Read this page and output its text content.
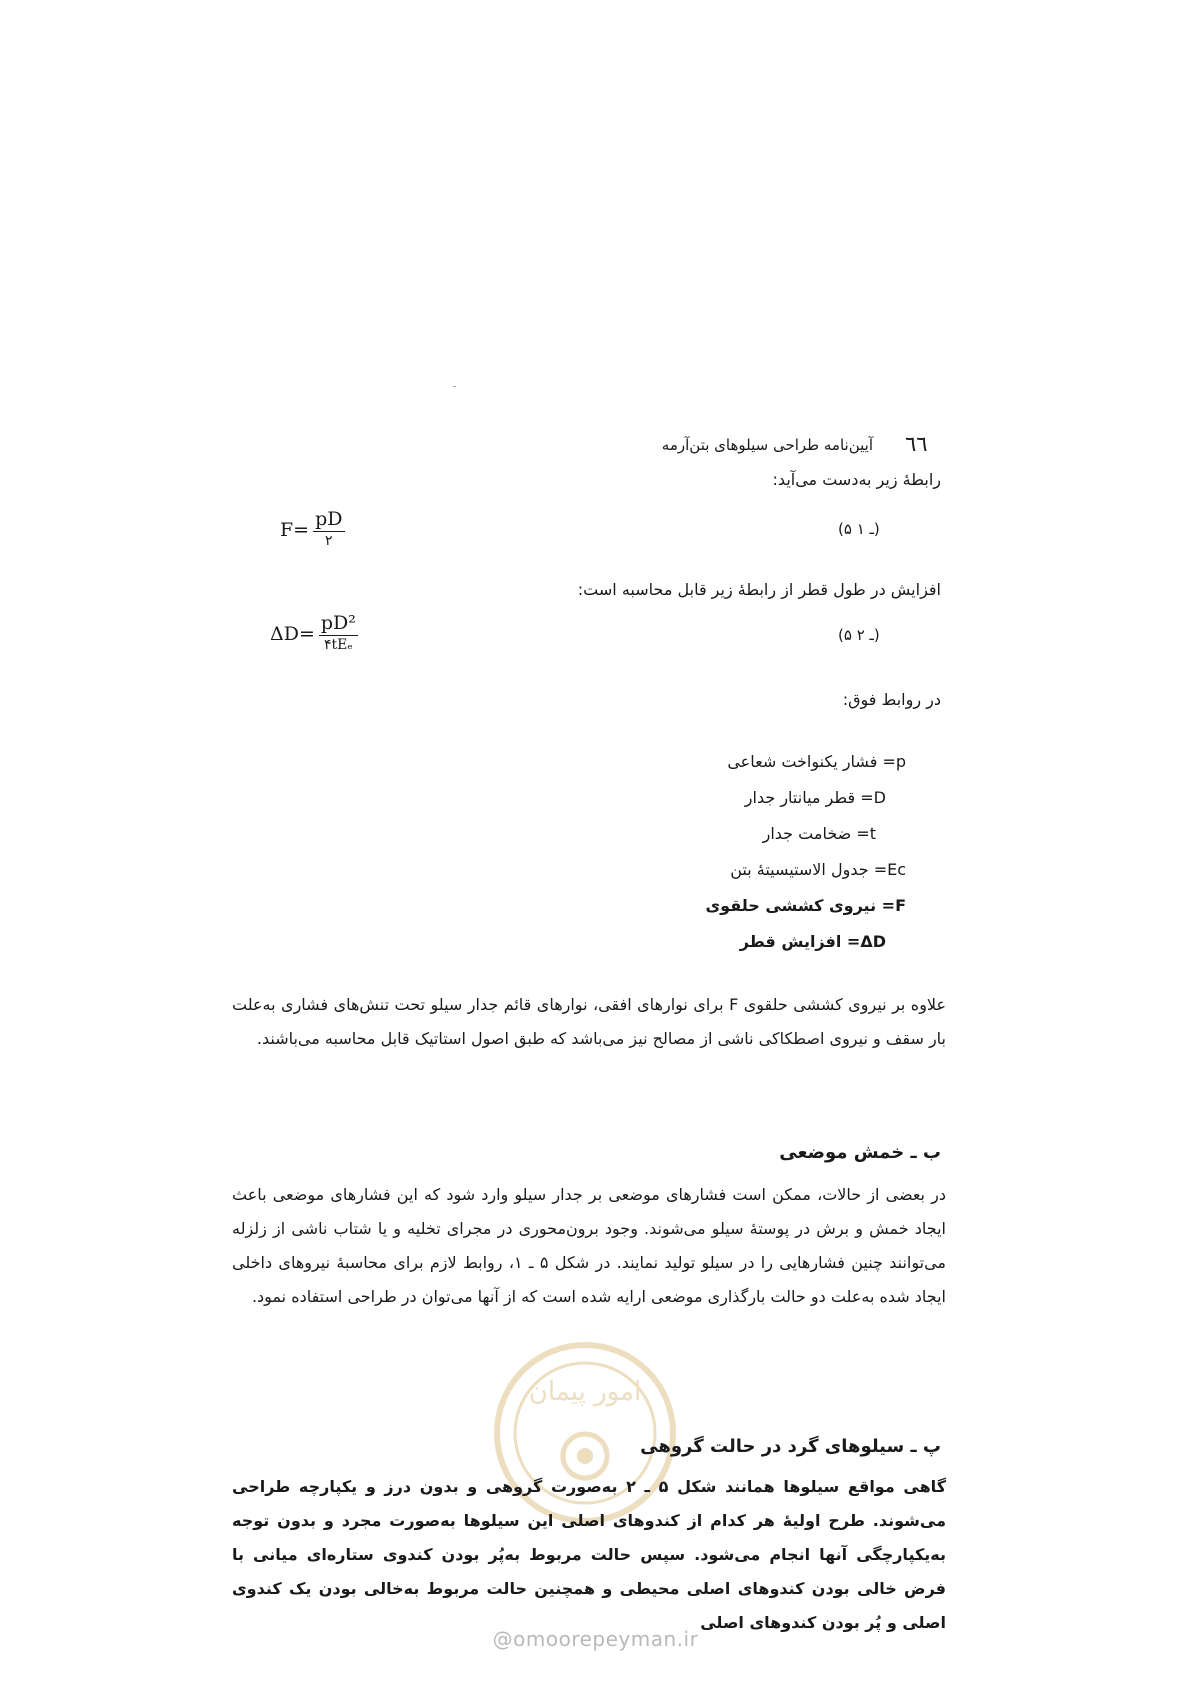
٦٦
آیین‌نامه طراحی سیلوهای بتن‌آرمه
رابطهٔ زیر به‌دست می‌آید:
(۵ ـ ۱)
$F= \frac{pD}{۲}$
افزایش در طول قطر از رابطهٔ زیر قابل محاسبه است:
(۵ ـ ۲)
$\Delta D= \frac{\text{pD²}}{\text{۴tEₑ}}$
در روابط فوق:
p= فشار یکنواخت شعاعی
D= قطر میانتار جدار
t= ضخامت جدار
Eᴄ= جدول الاستیسیتهٔ بتن
F= نیروی کششی حلقوی
ΔD= افزایش قطر
علاوه بر نیروی کششی حلقوی F برای نوارهای افقی، نوارهای قائم جدار سیلو تحت تنش‌های فشاری به‌علت بار سقف و نیروی اصطکاکی ناشی از مصالح نیز می‌باشد که طبق اصول استاتیک قابل محاسبه می‌باشند.
ب ـ خمش موضعی
در بعضی از حالات، ممکن است فشارهای موضعی بر جدار سیلو وارد شود که این فشارهای موضعی باعث ایجاد خمش و برش در پوستهٔ سیلو می‌شوند. وجود برون‌محوری در مجرای تخلیه و یا شتاب ناشی از زلزله می‌توانند چنین فشارهایی را در سیلو تولید نمایند. در شکل ۵ ـ ۱، روابط لازم برای محاسبهٔ نیروهای داخلی ایجاد شده به‌علت دو حالت بارگذاری موضعی ارایه شده است که از آنها می‌توان در طراحی استفاده نمود.
امور پیمان
پ ـ سیلوهای گرد در حالت گروهی
گاهی مواقع سیلوها همانند شکل ۵ ـ ۲ به‌صورت گروهی و بدون درز و یکپارچه طراحی می‌شوند. طرح اولیهٔ هر کدام از کندوهای اصلی این سیلوها به‌صورت مجرد و بدون توجه به‌یکپارچگی آنها انجام می‌شود. سپس حالت مربوط به‌پُر بودن کندوی ستاره‌ای میانی با فرض خالی بودن کندوهای اصلی محیطی و همچنین حالت مربوط به‌خالی بودن یک کندوی اصلی و پُر بودن کندوهای اصلی
@omoorepeyman.ir
